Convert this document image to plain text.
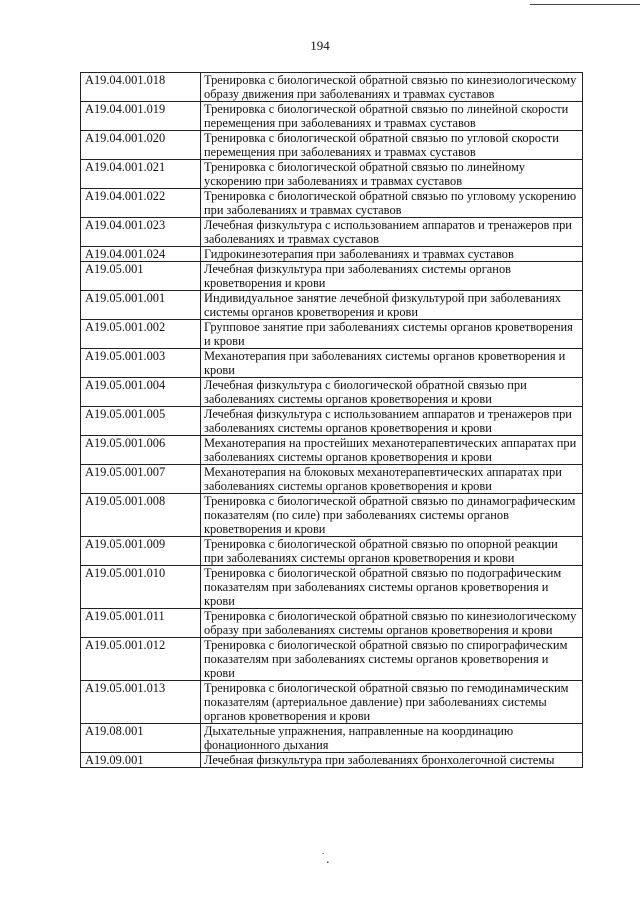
194
A19.04.001.018	Тренировка с биологической обратной связью по кинезиологическому образу движения при заболеваниях и травмах суставов
A19.04.001.019	Тренировка с биологической обратной связью по линейной скорости перемещения при заболеваниях и травмах суставов
A19.04.001.020	Тренировка с биологической обратной связью по угловой скорости перемещения при заболеваниях и травмах суставов
A19.04.001.021	Тренировка с биологической обратной связью по линейному ускорению при заболеваниях и травмах суставов
A19.04.001.022	Тренировка с биологической обратной связью по угловому ускорению при заболеваниях и травмах суставов
A19.04.001.023	Лечебная физкультура с использованием аппаратов и тренажеров при заболеваниях и травмах суставов
A19.04.001.024	Гидрокинезотерапия при заболеваниях и травмах суставов
A19.05.001	Лечебная физкультура при заболеваниях системы органов кроветворения и крови
A19.05.001.001	Индивидуальное занятие лечебной физкультурой при заболеваниях системы органов кроветворения и крови
A19.05.001.002	Групповое занятие при заболеваниях системы органов кроветворения и крови
A19.05.001.003	Механотерапия при заболеваниях системы органов кроветворения и крови
A19.05.001.004	Лечебная физкультура с биологической обратной связью при заболеваниях системы органов кроветворения и крови
A19.05.001.005	Лечебная физкультура с использованием аппаратов и тренажеров при заболеваниях системы органов кроветворения и крови
A19.05.001.006	Механотерапия на простейших механотерапевтических аппаратах при заболеваниях системы органов кроветворения и крови
A19.05.001.007	Механотерапия на блоковых механотерапевтических аппаратах при заболеваниях системы органов кроветворения и крови
A19.05.001.008	Тренировка с биологической обратной связью по динамографическим показателям (по силе) при заболеваниях системы органов кроветворения и крови
A19.05.001.009	Тренировка с биологической обратной связью по опорной реакции при заболеваниях системы органов кроветворения и крови
A19.05.001.010	Тренировка с биологической обратной связью по подографическим показателям при заболеваниях системы органов кроветворения и крови
A19.05.001.011	Тренировка с биологической обратной связью по кинезиологическому образу при заболеваниях системы органов кроветворения и крови
A19.05.001.012	Тренировка с биологической обратной связью по спирографическим показателям при заболеваниях системы органов кроветворения и крови
A19.05.001.013	Тренировка с биологической обратной связью по гемодинамическим показателям (артериальное давление) при заболеваниях системы органов кроветворения и крови
A19.08.001	Дыхательные упражнения, направленные на координацию фонационного дыхания
A19.09.001	Лечебная физкультура при заболеваниях бронхолегочной системы
.
.
